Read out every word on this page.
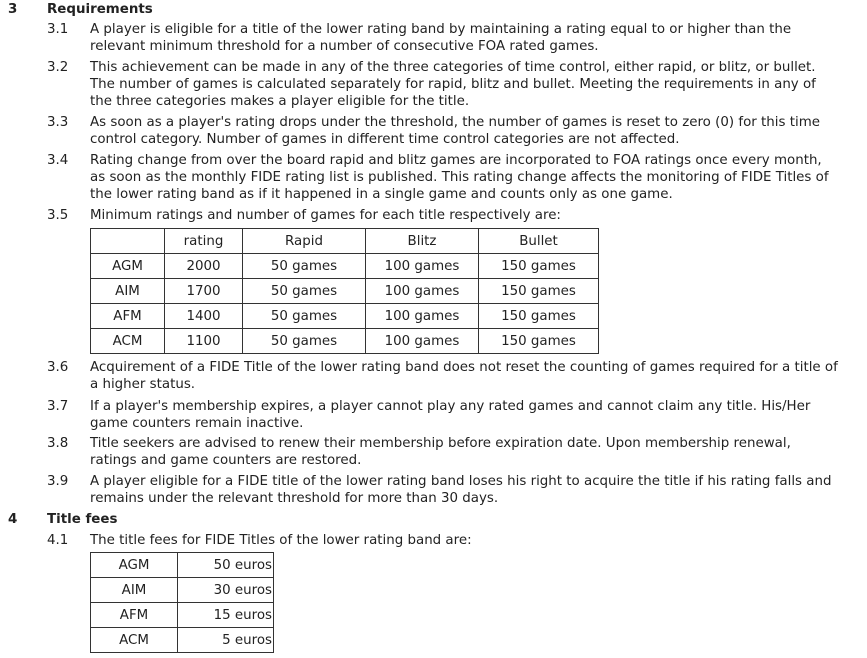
3 Requirements
3.1 A player is eligible for a title of the lower rating band by maintaining a rating equal to or higher than the relevant minimum threshold for a number of consecutive FOA rated games.
3.2 This achievement can be made in any of the three categories of time control, either rapid, or blitz, or bullet. The number of games is calculated separately for rapid, blitz and bullet. Meeting the requirements in any of the three categories makes a player eligible for the title.
3.3 As soon as a player's rating drops under the threshold, the number of games is reset to zero (0) for this time control category. Number of games in different time control categories are not affected.
3.4 Rating change from over the board rapid and blitz games are incorporated to FOA ratings once every month, as soon as the monthly FIDE rating list is published. This rating change affects the monitoring of FIDE Titles of the lower rating band as if it happened in a single game and counts only as one game.
3.5 Minimum ratings and number of games for each title respectively are:
	rating	Rapid	Blitz	Bullet
AGM	2000	50 games	100 games	150 games
AIM	1700	50 games	100 games	150 games
AFM	1400	50 games	100 games	150 games
ACM	1100	50 games	100 games	150 games
3.6 Acquirement of a FIDE Title of the lower rating band does not reset the counting of games required for a title of a higher status.
3.7 If a player's membership expires, a player cannot play any rated games and cannot claim any title. His/Her game counters remain inactive.
3.8 Title seekers are advised to renew their membership before expiration date. Upon membership renewal, ratings and game counters are restored.
3.9 A player eligible for a FIDE title of the lower rating band loses his right to acquire the title if his rating falls and remains under the relevant threshold for more than 30 days.
4 Title fees
4.1 The title fees for FIDE Titles of the lower rating band are:
AGM	50 euros
AIM	30 euros
AFM	15 euros
ACM	5 euros
